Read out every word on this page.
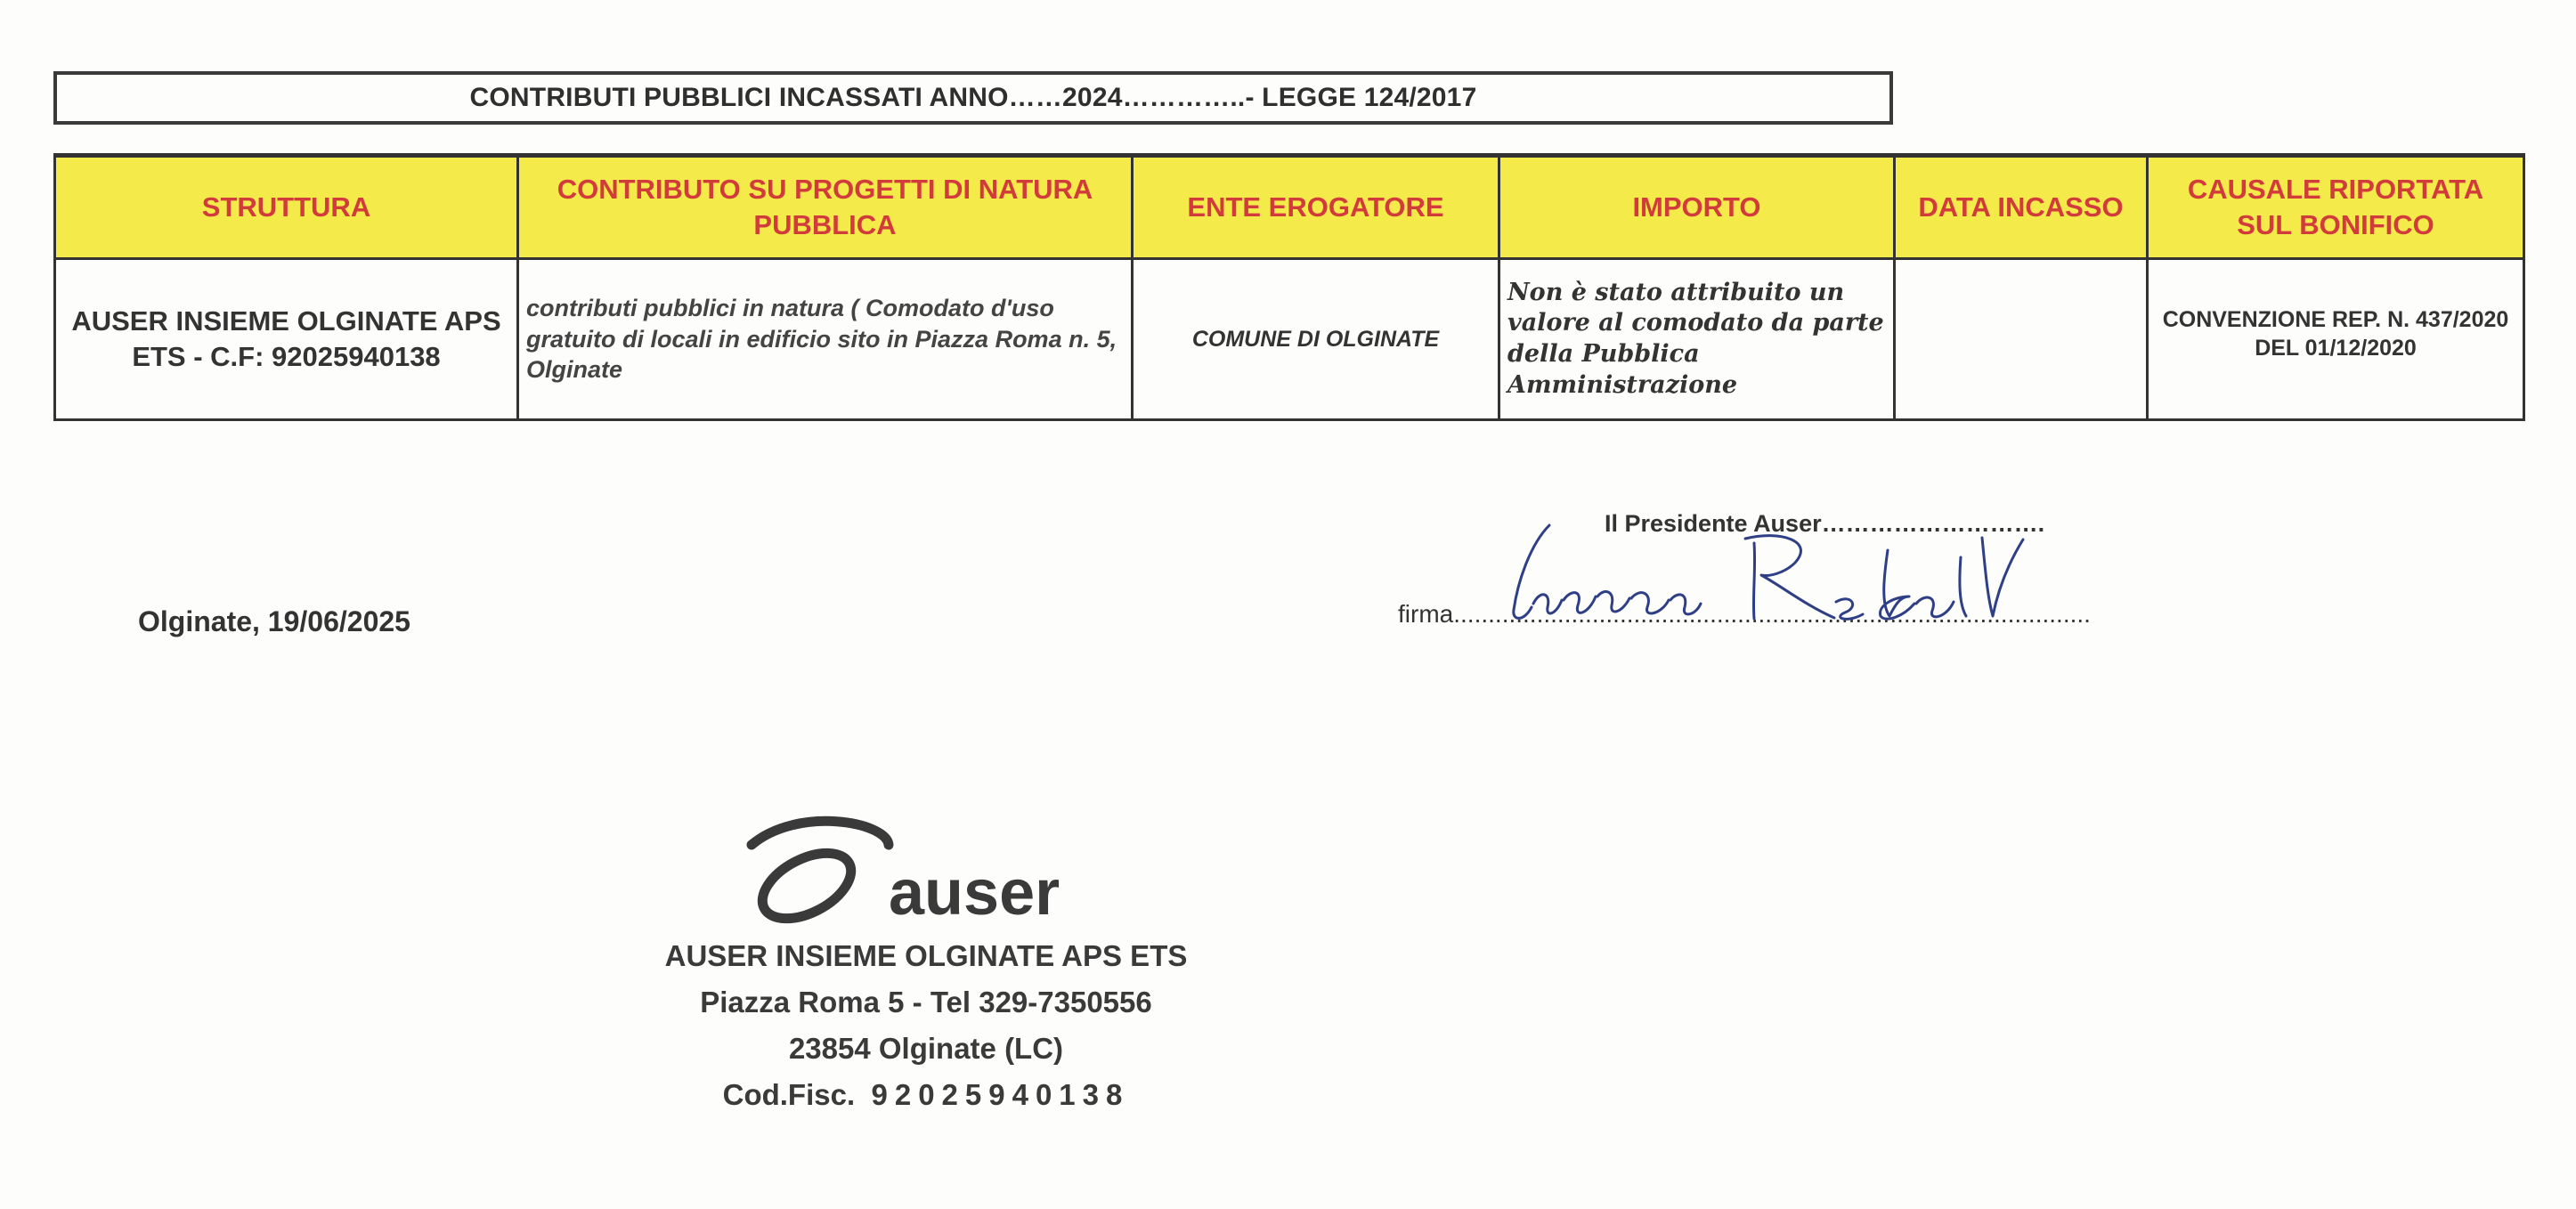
CONTRIBUTI PUBBLICI INCASSATI ANNO……2024…………..- LEGGE 124/2017
STRUTTURA	CONTRIBUTO SU PROGETTI DI NATURA PUBBLICA	ENTE EROGATORE	IMPORTO	DATA INCASSO	CAUSALE RIPORTATA SUL BONIFICO
AUSER INSIEME OLGINATE APS ETS - C.F: 92025940138	contributi pubblici in natura ( Comodato d'uso gratuito di locali in edificio sito in Piazza Roma n. 5, Olginate	COMUNE DI OLGINATE	Non è stato attribuito un valore al comodato da parte della Pubblica Amministrazione		CONVENZIONE REP. N. 437/2020 DEL 01/12/2020
Il Presidente Auser……………………….
firma............................................................................................
Olginate, 19/06/2025
auser
AUSER INSIEME OLGINATE APS ETS
Piazza Roma 5 - Tel 329-7350556
23854 Olginate (LC)
Cod.Fisc. 92025940138
